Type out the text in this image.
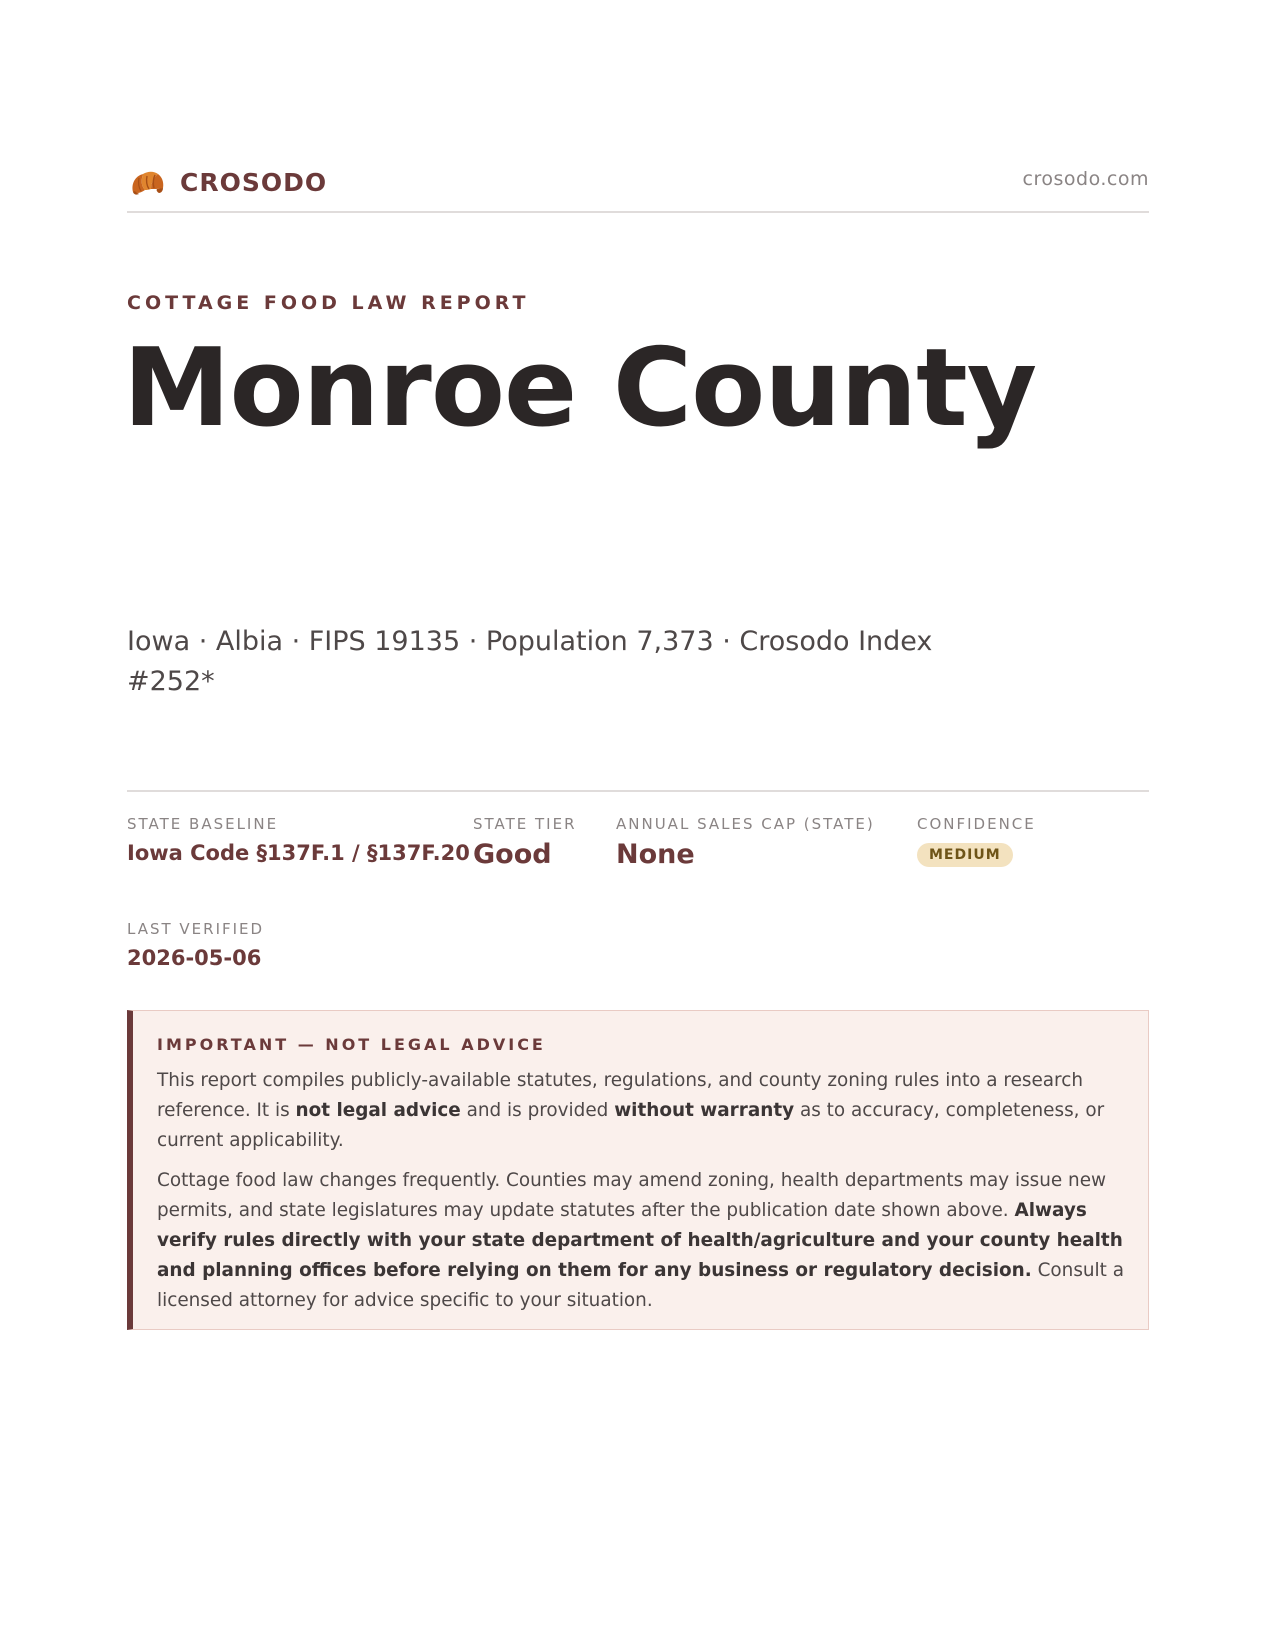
CROSODO	crosodo.com
COTTAGE FOOD LAW REPORT
Monroe County
Iowa · Albia · FIPS 19135 · Population 7,373 · Crosodo Index #252*
STATE BASELINE
Iowa Code §137F.1 / §137F.20
STATE TIER
Good
ANNUAL SALES CAP (STATE)
None
CONFIDENCE
MEDIUM
LAST VERIFIED
2026-05-06
IMPORTANT — NOT LEGAL ADVICE

This report compiles publicly-available statutes, regulations, and county zoning rules into a research reference. It is not legal advice and is provided without warranty as to accuracy, completeness, or current applicability.

Cottage food law changes frequently. Counties may amend zoning, health departments may issue new permits, and state legislatures may update statutes after the publication date shown above. Always verify rules directly with your state department of health/agriculture and your county health and planning offices before relying on them for any business or regulatory decision. Consult a licensed attorney for advice specific to your situation.
